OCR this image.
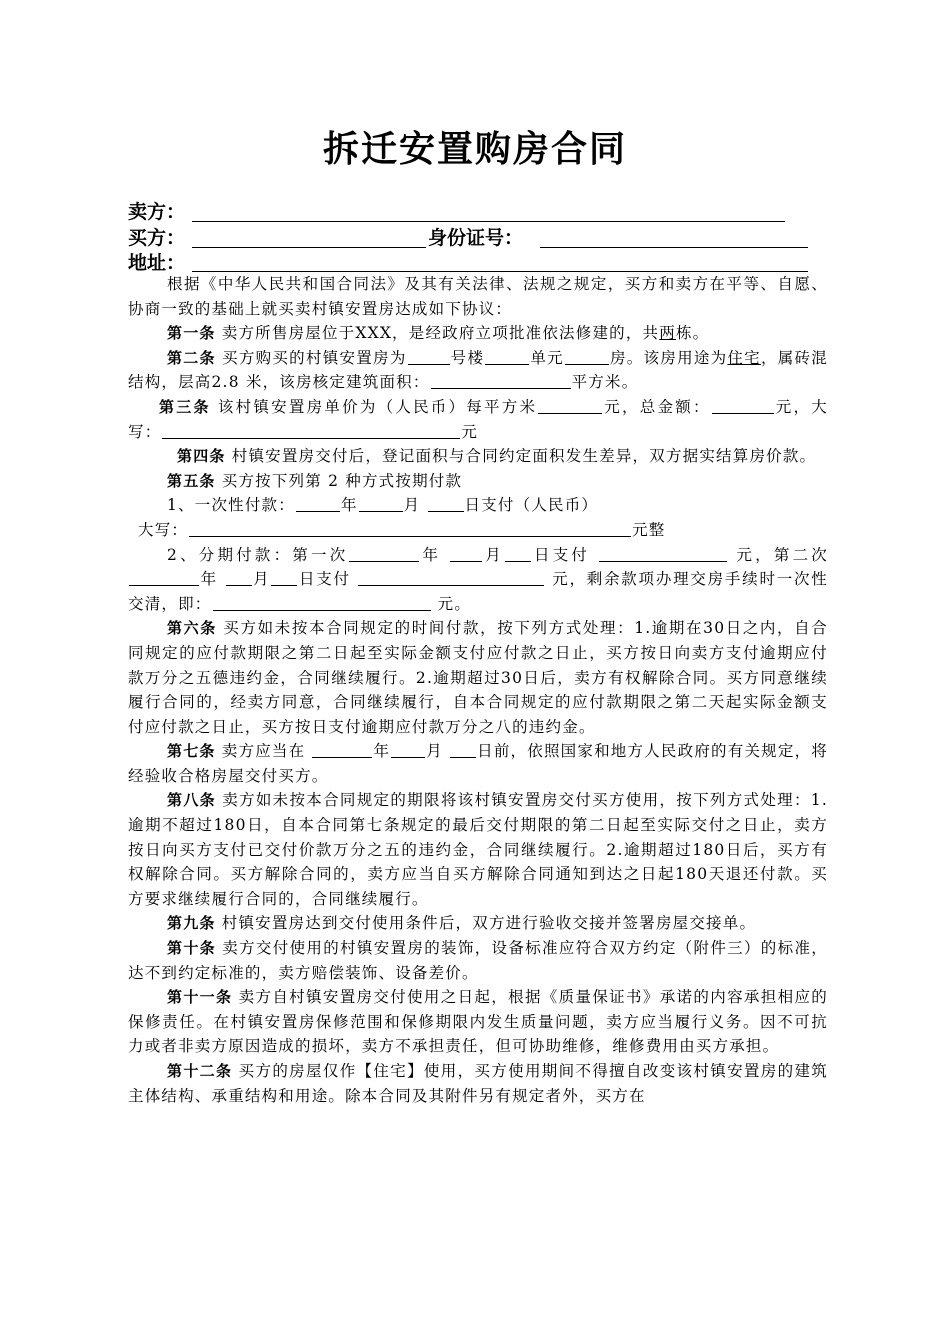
拆迁安置购房合同
卖方：
买方：	身份证号：
地址：

根据《中华人民共和国合同法》及其有关法律、法规之规定，买方和卖方在平等、自愿、协商一致的基础上就买卖村镇安置房达成如下协议：

第一条 卖方所售房屋位于XXX，是经政府立项批准依法修建的，共两栋。

第二条 买方购买的村镇安置房为	号楼	单元	房。该房用途为住宅，属砖混结构，层高2.8 米，该房核定建筑面积：	平方米。

第三条 该村镇安置房单价为（人民币）每平方米	元，总金额：	元，大写：	元

第四条 村镇安置房交付后，登记面积与合同约定面积发生差异，双方据实结算房价款。

第五条 买方按下列第 2 种方式按期付款

1、一次性付款：	年	月	日支付（人民币）

大写：	元整

2、分期付款：第一次	年	月 日支付	元，第二次年 月 日支付	元，剩余款项办理交房手续时一次性交清，即：	元。

第六条 买方如未按本合同规定的时间付款，按下列方式处理：1.逾期在30日之内，自合同规定的应付款期限之第二日起至实际金额支付应付款之日止，买方按日向卖方支付逾期应付款万分之五德违约金，合同继续履行。2.逾期超过30日后，卖方有权解除合同。买方同意继续履行合同的，经卖方同意，合同继续履行，自本合同规定的应付款期限之第二天起实际金额支付应付款之日止，买方按日支付逾期应付款万分之八的违约金。

第七条 卖方应当在	年 月 日前，依照国家和地方人民政府的有关规定，将经验收合格房屋交付买方。

第八条 卖方如未按本合同规定的期限将该村镇安置房交付买方使用，按下列方式处理：1.逾期不超过180日，自本合同第七条规定的最后交付期限的第二日起至实际交付之日止，卖方按日向买方支付已交付价款万分之五的违约金，合同继续履行。2.逾期超过180日后，买方有权解除合同。买方解除合同的，卖方应当自买方解除合同通知到达之日起180天退还付款。买方要求继续履行合同的，合同继续履行。

第九条 村镇安置房达到交付使用条件后，双方进行验收交接并签署房屋交接单。

第十条 卖方交付使用的村镇安置房的装饰，设备标准应符合双方约定（附件三）的标准，达不到约定标准的，卖方赔偿装饰、设备差价。

第十一条 卖方自村镇安置房交付使用之日起，根据《质量保证书》承诺的内容承担相应的保修责任。在村镇安置房保修范围和保修期限内发生质量问题，卖方应当履行义务。因不可抗力或者非卖方原因造成的损坏，卖方不承担责任，但可协助维修，维修费用由买方承担。

第十二条 买方的房屋仅作【住宅】使用，买方使用期间不得擅自改变该村镇安置房的建筑主体结构、承重结构和用途。除本合同及其附件另有规定者外，买方在
